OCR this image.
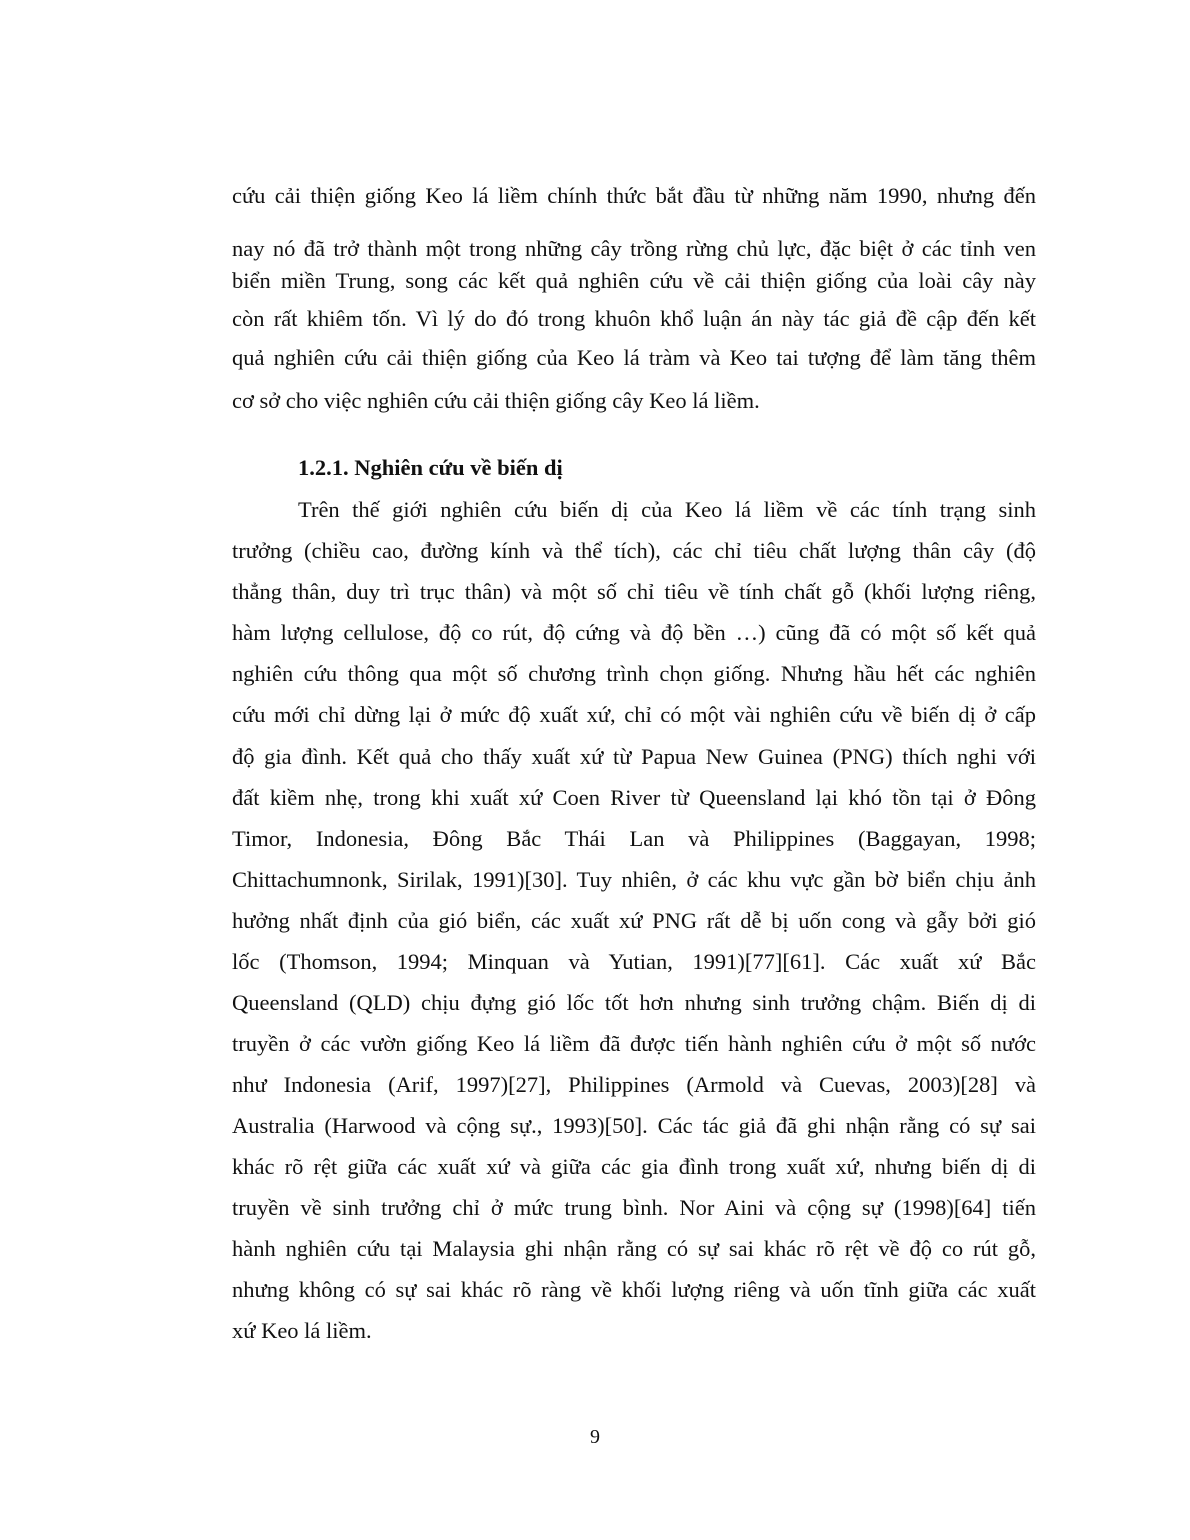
cứu cải thiện giống Keo lá liềm chính thức bắt đầu từ những năm 1990, nhưng đến
nay nó đã trở thành một trong những cây trồng rừng chủ lực, đặc biệt ở các tỉnh ven
biển miền Trung, song các kết quả nghiên cứu về cải thiện giống của loài cây này
còn rất khiêm tốn. Vì lý do đó trong khuôn khổ luận án này tác giả đề cập đến kết
quả nghiên cứu cải thiện giống của Keo lá tràm và Keo tai tượng để làm tăng thêm
cơ sở cho việc nghiên cứu cải thiện giống cây Keo lá liềm.
1.2.1. Nghiên cứu về biến dị
Trên thế giới nghiên cứu biến dị của Keo lá liềm về các tính trạng sinh
trưởng (chiều cao, đường kính và thể tích), các chỉ tiêu chất lượng thân cây (độ
thẳng thân, duy trì trục thân) và một số chỉ tiêu về tính chất gỗ (khối lượng riêng,
hàm lượng cellulose, độ co rút, độ cứng và độ bền …) cũng đã có một số kết quả
nghiên cứu thông qua một số chương trình chọn giống. Nhưng hầu hết các nghiên
cứu mới chỉ dừng lại ở mức độ xuất xứ, chỉ có một vài nghiên cứu về biến dị ở cấp
độ gia đình. Kết quả cho thấy xuất xứ từ Papua New Guinea (PNG) thích nghi với
đất kiềm nhẹ, trong khi xuất xứ Coen River từ Queensland lại khó tồn tại ở Đông
Timor, Indonesia, Đông Bắc Thái Lan và Philippines (Baggayan, 1998;
Chittachumnonk, Sirilak, 1991)[30]. Tuy nhiên, ở các khu vực gần bờ biển chịu ảnh
hưởng nhất định của gió biển, các xuất xứ PNG rất dễ bị uốn cong và gẫy bởi gió
lốc (Thomson, 1994; Minquan và Yutian, 1991)[77][61]. Các xuất xứ Bắc
Queensland (QLD) chịu đựng gió lốc tốt hơn nhưng sinh trưởng chậm. Biến dị di
truyền ở các vườn giống Keo lá liềm đã được tiến hành nghiên cứu ở một số nước
như Indonesia (Arif, 1997)[27], Philippines (Armold và Cuevas, 2003)[28] và
Australia (Harwood và cộng sự., 1993)[50]. Các tác giả đã ghi nhận rằng có sự sai
khác rõ rệt giữa các xuất xứ và giữa các gia đình trong xuất xứ, nhưng biến dị di
truyền về sinh trưởng chỉ ở mức trung bình. Nor Aini và cộng sự (1998)[64] tiến
hành nghiên cứu tại Malaysia ghi nhận rằng có sự sai khác rõ rệt về độ co rút gỗ,
nhưng không có sự sai khác rõ ràng về khối lượng riêng và uốn tĩnh giữa các xuất
xứ Keo lá liềm.
9
